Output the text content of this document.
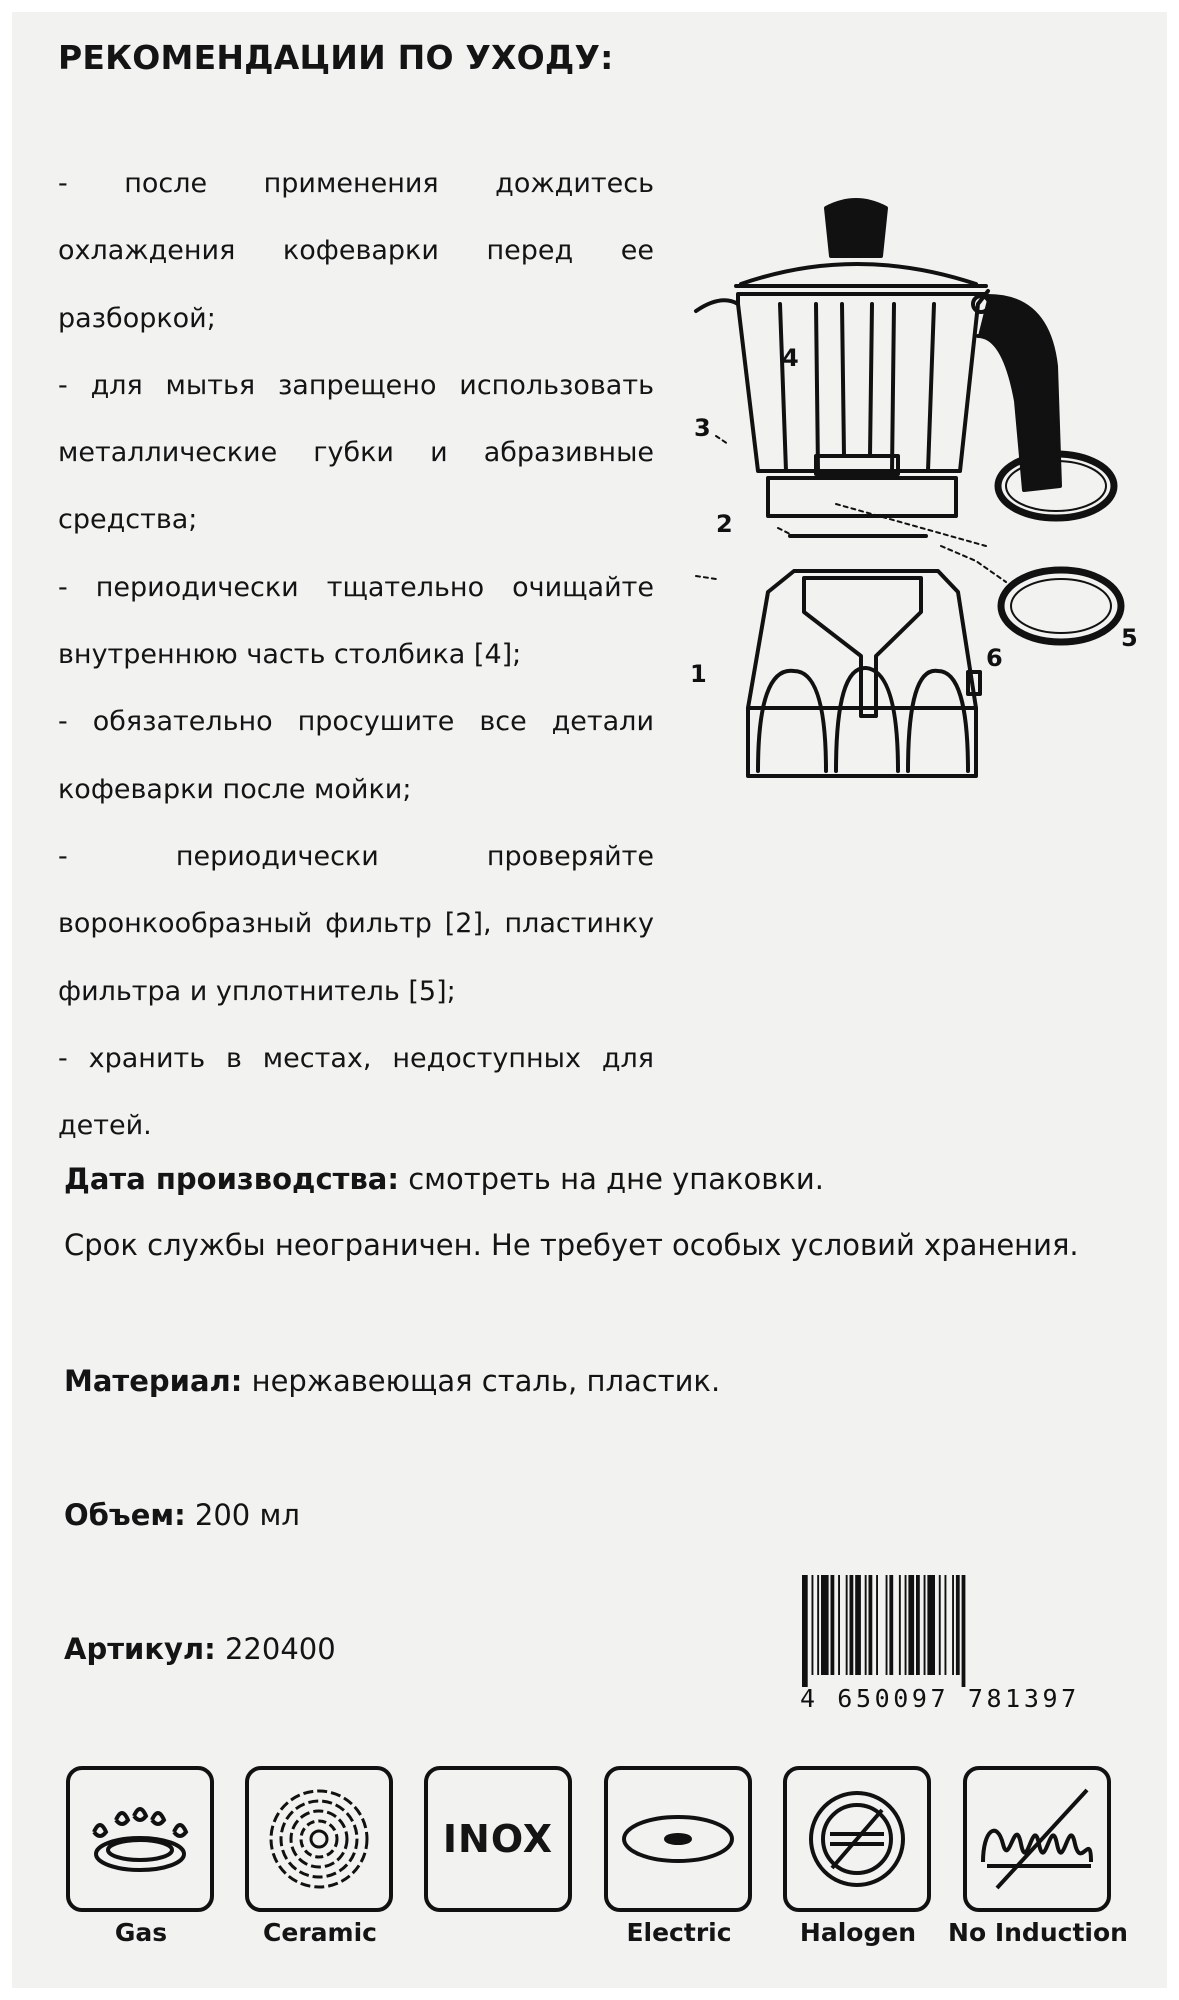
РЕКОМЕНДАЦИИ ПО УХОДУ:
- после применения дождитесь охлаждения кофеварки перед ее разборкой;
- для мытья запрещено использовать металлические губки и абразивные средства;
- периодически тщательно очищайте внутреннюю часть столбика [4];
- обязательно просушите все детали кофеварки после мойки;
- периодически проверяйте воронкообразный фильтр [2], пластинку фильтра и уплотнитель [5];
- хранить в местах, недоступных для детей.
4
3
2
1
6
5
Дата производства: смотреть на дне упаковки.
Срок службы неограничен. Не требует особых условий хранения.
Материал: нержавеющая сталь, пластик.
Объем: 200 мл
Артикул: 220400
4 650097 781397
Gas	Ceramic
INOX
Electric	Halogen	No Induction
